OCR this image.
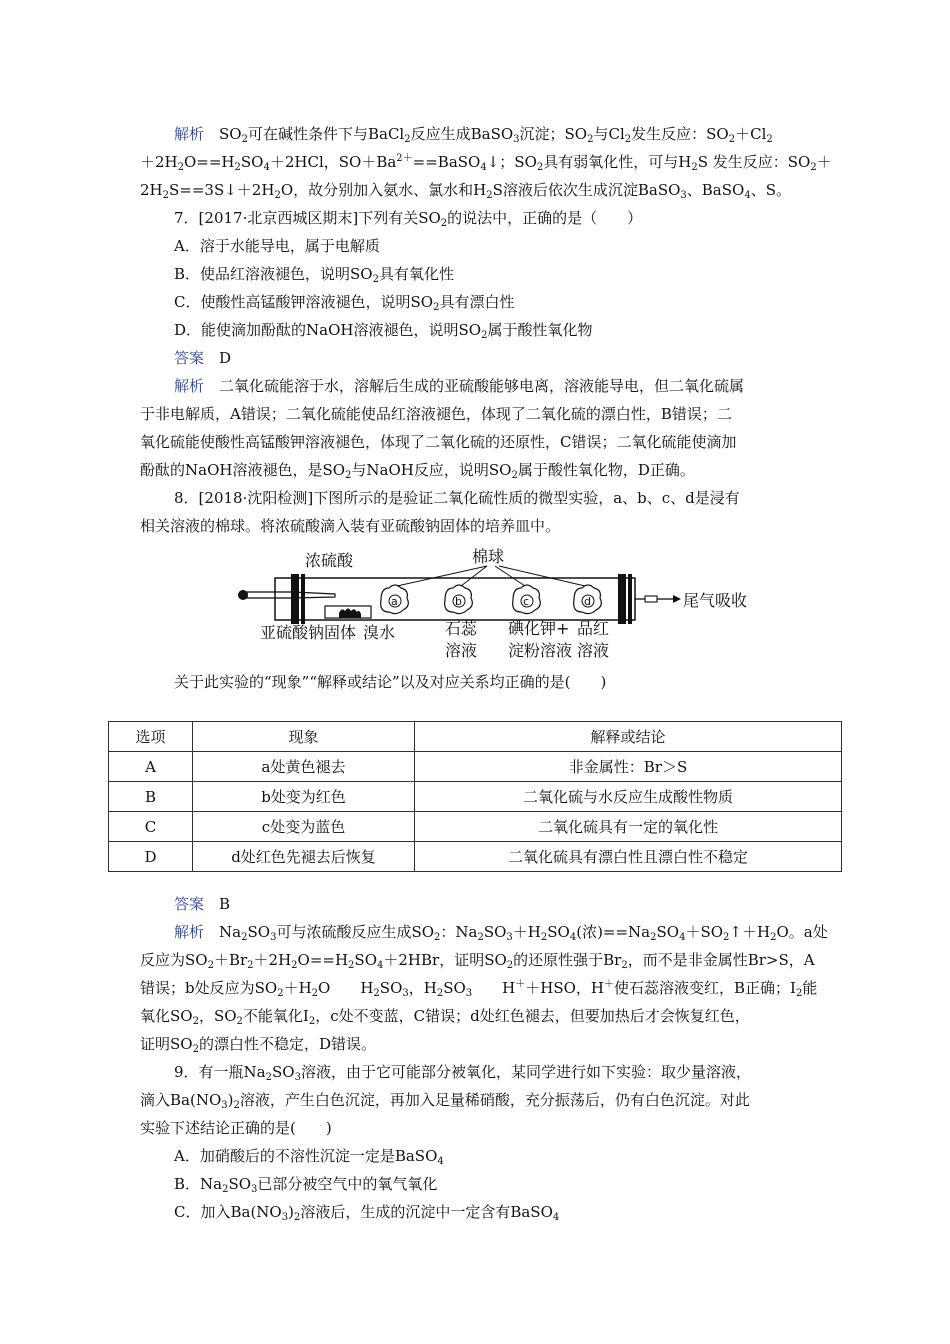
解析　 $SO_2$可在碱性条件下与BaCl$_2$反应生成BaSO$_3$沉淀；$SO_2$与$Cl_2$发生反应：$SO_2+Cl_2$
$+2H_2O==H_2SO_4+2HCl$，$SO+Ba^{2+}==BaSO_4↓$；$SO_2$具有弱氧化性，可与$H_2S$ 发生反应：$SO_2+$
$2H_2S==3S↓+2H_2O$，故分别加入氨水、氯水和$H_2S$溶液后依次生成沉淀BaSO$_3$、BaSO$_4$、S。
7．[2017·北京西城区期末]下列有关$SO_2$的说法中，正确的是（　　）
A．溶于水能导电，属于电解质
B．使品红溶液褪色，说明$SO_2$具有氧化性
C．使酸性高锰酸钾溶液褪色，说明$SO_2$具有漂白性
D．能使滴加酚酞的NaOH溶液褪色，说明$SO_2$属于酸性氧化物
答案　 D
解析　 二氧化硫能溶于水，溶解后生成的亚硫酸能够电离，溶液能导电，但二氧化硫属
于非电解质，A错误；二氧化硫能使品红溶液褪色，体现了二氧化硫的漂白性，B错误；二
氧化硫能使酸性高锰酸钾溶液褪色，体现了二氧化硫的还原性，C错误；二氧化硫能使滴加
酚酞的NaOH溶液褪色，是$SO_2$与NaOH反应，说明$SO_2$属于酸性氧化物，D正确。
8．[2018·沈阳检测]下图所示的是验证二氧化硫性质的微型实验，a、b、c、d是浸有
相关溶液的棉球。将浓硫酸滴入装有亚硫酸钠固体的培养皿中。
a	b	c	d
浓硫酸	棉球
尾气吸收
亚硫酸钠固体 溴水	石蕊
溶液
碘化钾+
淀粉溶液
品红
溶液
关于此实验的“现象”“解释或结论”以及对应关系均正确的是(　　)
选项	现象	解释或结论
A	a处黄色褪去	非金属性：Br＞S
B	b处变为红色	二氧化硫与水反应生成酸性物质
C	c处变为蓝色	二氧化硫具有一定的氧化性
D	d处红色先褪去后恢复	二氧化硫具有漂白性且漂白性不稳定
答案　 B
解析　 $Na_2SO_3$可与浓硫酸反应生成$SO_2$：$Na_2SO_3+H_2SO_4$(浓)$==Na_2SO_4+SO_2↑+H_2O$。a处
反应为$SO_2+Br_2+2H_2O==H_2SO_4+2HBr$，证明$SO_2$的还原性强于$Br_2$，而不是非金属性Br>S，A
错误；b处反应为$SO_2+H_2O$　　$H_2SO_3$，$H_2SO_3$　　H＋＋HSO，H＋使石蕊溶液变红，B正确；$I_2$能
氧化$SO_2$，$SO_2$不能氧化$I_2$，c处不变蓝，C错误；d处红色褪去，但要加热后才会恢复红色，
证明$SO_2$的漂白性不稳定，D错误。
9．有一瓶$Na_2SO_3$溶液，由于它可能部分被氧化，某同学进行如下实验：取少量溶液，
滴入$Ba(NO_3)_2$溶液，产生白色沉淀，再加入足量稀硝酸，充分振荡后，仍有白色沉淀。对此
实验下述结论正确的是(　　)
A．加硝酸后的不溶性沉淀一定是BaSO$_4$
B．$Na_2SO_3$已部分被空气中的氧气氧化
C．加入$Ba(NO_3)_2$溶液后，生成的沉淀中一定含有BaSO$_4$
